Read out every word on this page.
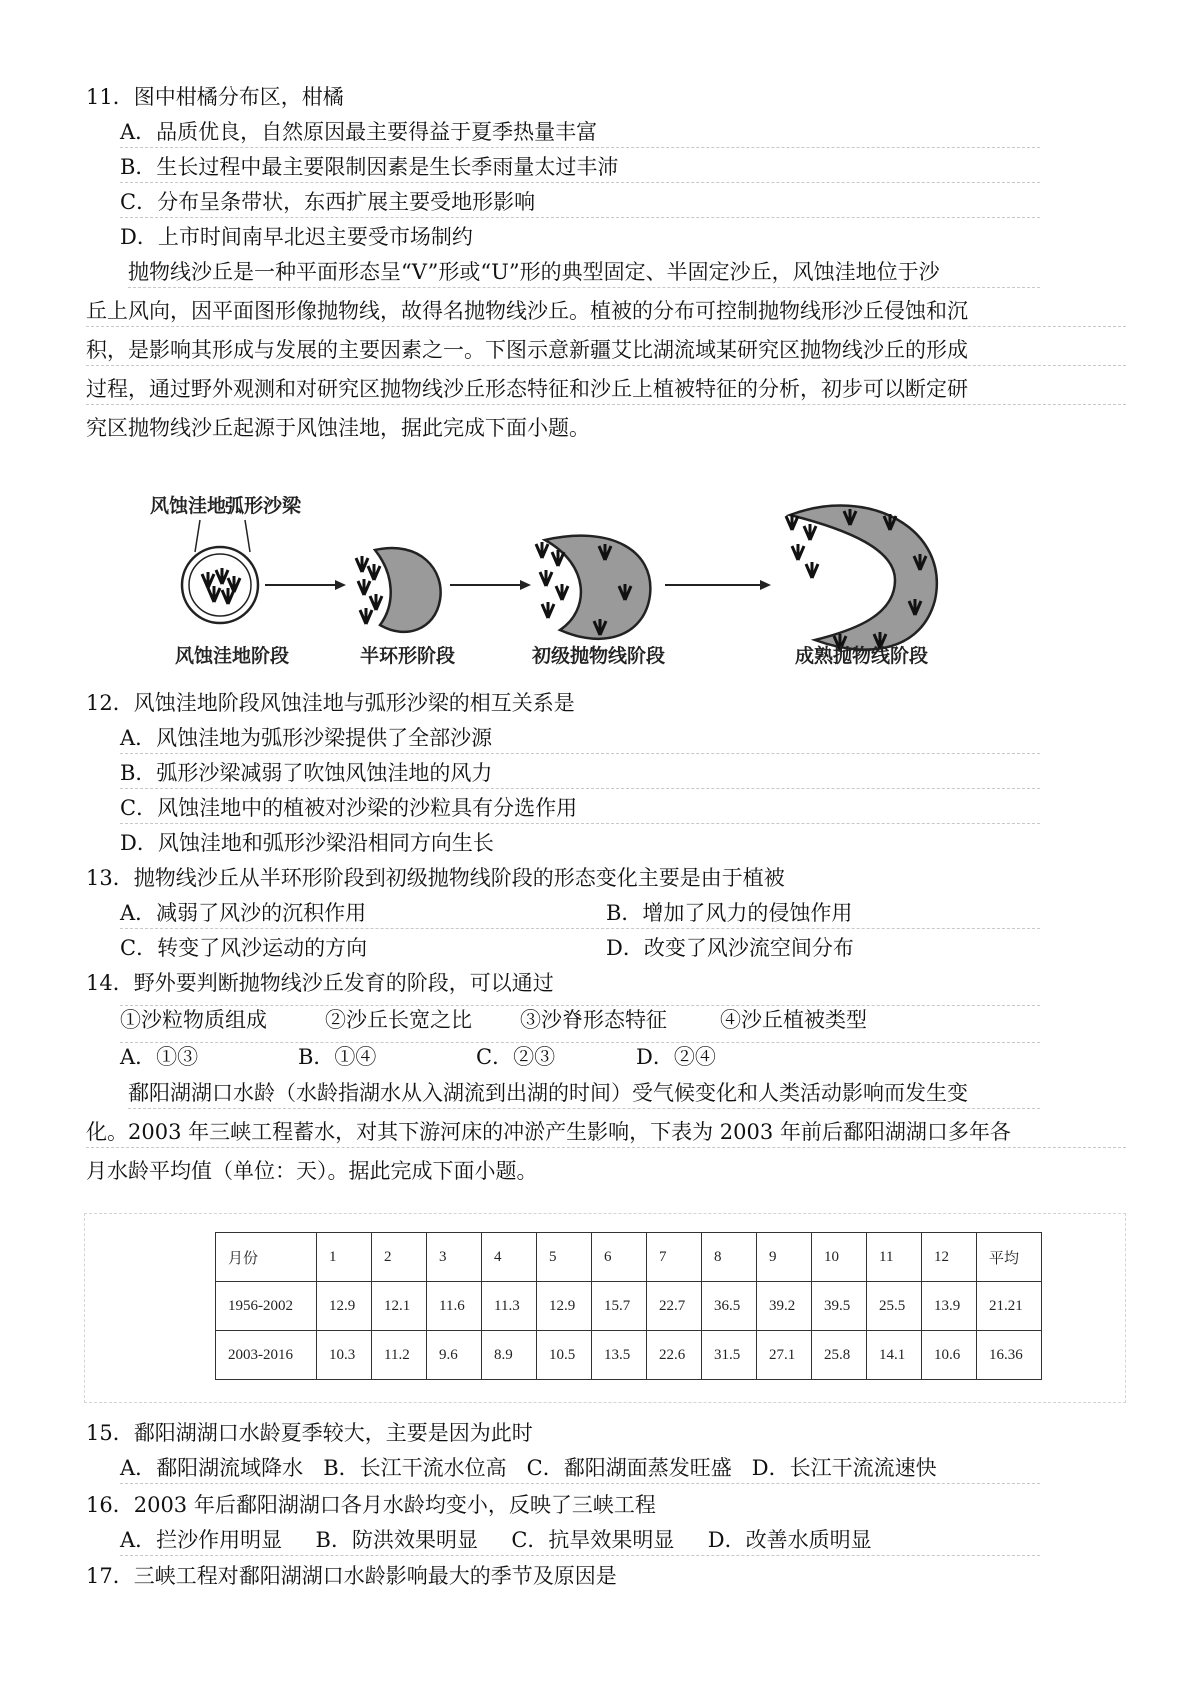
11．图中柑橘分布区，柑橘
A．品质优良，自然原因最主要得益于夏季热量丰富
B．生长过程中最主要限制因素是生长季雨量太过丰沛
C．分布呈条带状，东西扩展主要受地形影响
D．上市时间南早北迟主要受市场制约
抛物线沙丘是一种平面形态呈“V”形或“U”形的典型固定、半固定沙丘，风蚀洼地位于沙
丘上风向，因平面图形像抛物线，故得名抛物线沙丘。植被的分布可控制抛物线形沙丘侵蚀和沉
积，是影响其形成与发展的主要因素之一。下图示意新疆艾比湖流域某研究区抛物线沙丘的形成
过程，通过野外观测和对研究区抛物线沙丘形态特征和沙丘上植被特征的分析，初步可以断定研
究区抛物线沙丘起源于风蚀洼地，据此完成下面小题。
风蚀洼地
弧形沙梁
风蚀洼地阶段	半环形阶段	初级抛物线阶段	成熟抛物线阶段
12．风蚀洼地阶段风蚀洼地与弧形沙梁的相互关系是
A．风蚀洼地为弧形沙梁提供了全部沙源
B．弧形沙梁减弱了吹蚀风蚀洼地的风力
C．风蚀洼地中的植被对沙梁的沙粒具有分选作用
D．风蚀洼地和弧形沙梁沿相同方向生长
13．抛物线沙丘从半环形阶段到初级抛物线阶段的形态变化主要是由于植被
A．减弱了风沙的沉积作用	B．增加了风力的侵蚀作用
C．转变了风沙运动的方向	D．改变了风沙流空间分布
14．野外要判断抛物线沙丘发育的阶段，可以通过
①沙粒物质组成	②沙丘长宽之比 ③沙脊形态特征	④沙丘植被类型
A．①③	B．①④	C．②③	D．②④
鄱阳湖湖口水龄（水龄指湖水从入湖流到出湖的时间）受气候变化和人类活动影响而发生变
化。2003 年三峡工程蓄水，对其下游河床的冲淤产生影响，下表为 2003 年前后鄱阳湖湖口多年各
月水龄平均值（单位：天）。据此完成下面小题。
月份	1	2	3	4	5	6	7	8	9	10	11	12	平均
1956-2002	12.9	12.1	11.6	11.3	12.9	15.7	22.7	36.5	39.2	39.5	25.5	13.9	21.21
2003-2016	10.3	11.2	9.6	8.9	10.5	13.5	22.6	31.5	27.1	25.8	14.1	10.6	16.36
15．鄱阳湖湖口水龄夏季较大，主要是因为此时
A．鄱阳湖流域降水   B．长江干流水位高   C．鄱阳湖面蒸发旺盛   D．长江干流流速快
16．2003 年后鄱阳湖湖口各月水龄均变小，反映了三峡工程
A．拦沙作用明显     B．防洪效果明显     C．抗旱效果明显     D．改善水质明显
17．三峡工程对鄱阳湖湖口水龄影响最大的季节及原因是
